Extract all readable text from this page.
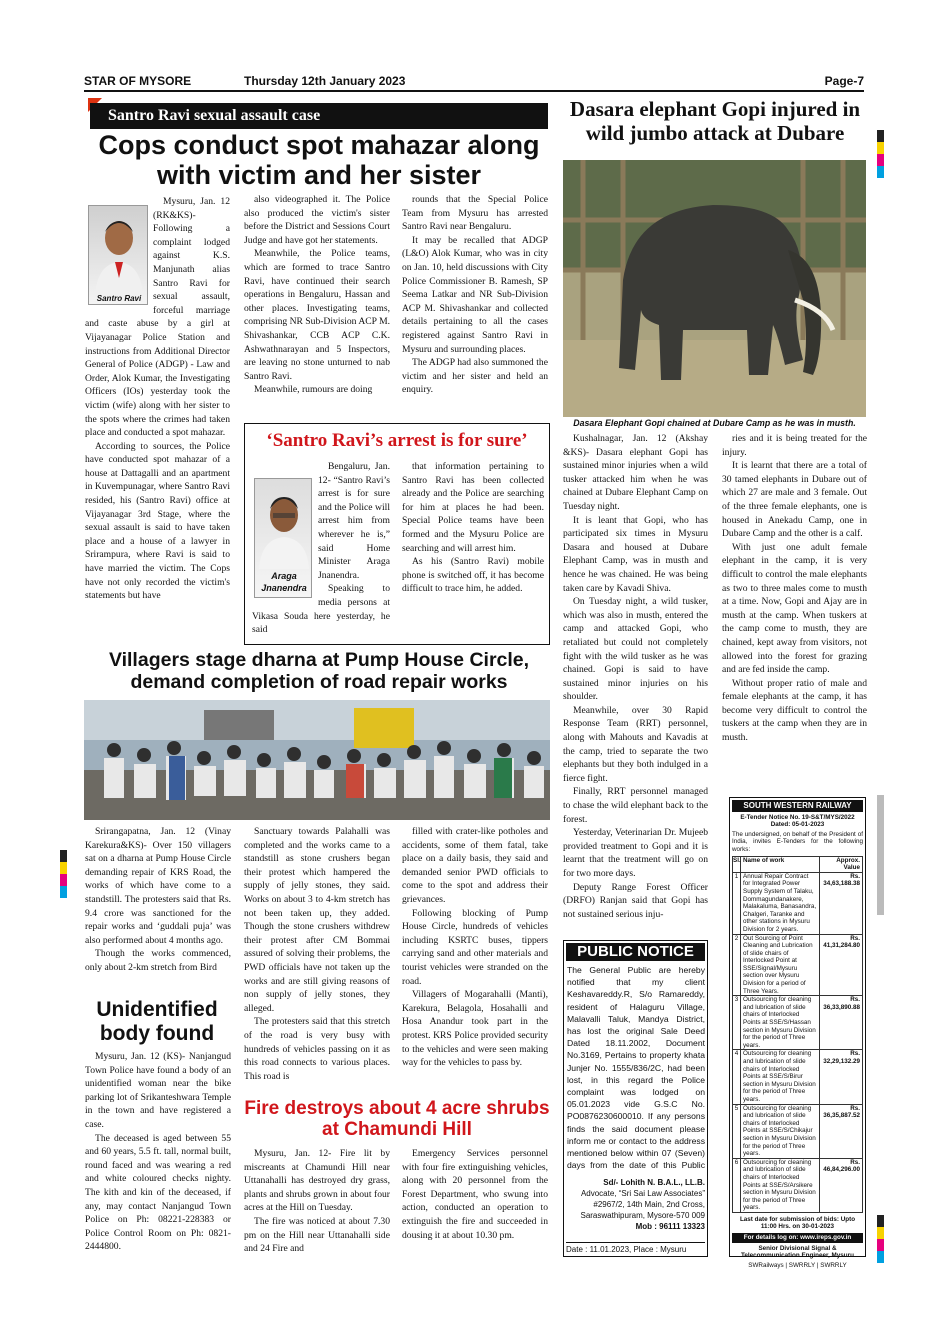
STAR OF MYSORE	Thursday 12th January 2023	Page-7
Santro Ravi sexual assault case
Cops conduct spot mahazar along with victim and her sister
Santro Ravi

Mysuru, Jan. 12 (RK&KS)- Following a complaint lodged against K.S. Manjunath alias Santro Ravi for sexual assault, forceful marriage and caste abuse by a girl at Vijayanagar Police Station and instructions from Additional Director General of Police (ADGP) - Law and Order, Alok Kumar, the Investigating Officers (IOs) yesterday took the victim (wife) along with her sister to the spots where the crimes had taken place and conducted a spot mahazar.

According to sources, the Police have conducted spot mahazar of a house at Dattagalli and an apartment in Kuvempunagar, where Santro Ravi resided, his (Santro Ravi) office at Vijayanagar 3rd Stage, where the sexual assault is said to have taken place and a house of a lawyer in Srirampura, where Ravi is said to have married the victim. The Cops have not only recorded the victim's statements but have

also videographed it. The Police also produced the victim's sister before the District and Sessions Court Judge and have got her statements.

Meanwhile, the Police teams, which are formed to trace Santro Ravi, have continued their search operations in Bengaluru, Hassan and other places. Investigating teams, comprising NR Sub-Division ACP M. Shivashankar, CCB ACP C.K. Ashwathnarayan and 5 Inspectors, are leaving no stone unturned to nab Santro Ravi.

Meanwhile, rumours are doing

rounds that the Special Police Team from Mysuru has arrested Santro Ravi near Bengaluru.

It may be recalled that ADGP (L&O) Alok Kumar, who was in city on Jan. 10, held discussions with City Police Commissioner B. Ramesh, SP Seema Latkar and NR Sub-Division ACP M. Shivashankar and collected details pertaining to all the cases registered against Santro Ravi in Mysuru and surrounding places.

The ADGP had also summoned the victim and her sister and held an enquiry.

‘Santro Ravi’s arrest is for sure’
Araga
Jnanendra

Bengaluru, Jan. 12- “Santro Ravi’s arrest is for sure and the Police will arrest him from wherever he is,” said Home Minister Araga Jnanendra.

Speaking to media persons at Vikasa Souda here yesterday, he said

that information pertaining to Santro Ravi has been collected already and the Police are searching for him at places he had been. Special Police teams have been formed and the Mysuru Police are searching and will arrest him.

As his (Santro Ravi) mobile phone is switched off, it has become difficult to trace him, he added.

Villagers stage dharna at Pump House Circle, demand completion of road repair works

Srirangapatna, Jan. 12 (Vinay Karekura&KS)- Over 150 villagers sat on a dharna at Pump House Circle demanding repair of KRS Road, the works of which have come to a standstill. The protesters said that Rs. 9.4 crore was sanctioned for the repair works and ‘guddali puja’ was also performed about 4 months ago.

Though the works commenced, only about 2-km stretch from Bird

Sanctuary towards Palahalli was completed and the works came to a standstill as stone crushers began their protest which hampered the supply of jelly stones, they said. Works on about 3 to 4-km stretch has not been taken up, they added. Though the stone crushers withdrew their protest after CM Bommai assured of solving their problems, the PWD officials have not taken up the works and are still giving reasons of non supply of jelly stones, they alleged.

The protesters said that this stretch of the road is very busy with hundreds of vehicles passing on it as this road connects to various places. This road is

filled with crater-like potholes and accidents, some of them fatal, take place on a daily basis, they said and demanded senior PWD officials to come to the spot and address their grievances.

Following blocking of Pump House Circle, hundreds of vehicles including KSRTC buses, tippers carrying sand and other materials and tourist vehicles were stranded on the road.

Villagers of Mogarahalli (Manti), Karekura, Belagola, Hosahalli and Hosa Anandur took part in the protest. KRS Police provided security to the vehicles and were seen making way for the vehicles to pass by.

Unidentified body found

Mysuru, Jan. 12 (KS)- Nanjangud Town Police have found a body of an unidentified woman near the bike parking lot of Srikanteshwara Temple in the town and have registered a case.

The deceased is aged between 55 and 60 years, 5.5 ft. tall, normal built, round faced and was wearing a red and white coloured checks nighty. The kith and kin of the deceased, if any, may contact Nanjangud Town Police on Ph: 08221-228383 or Police Control Room on Ph: 0821-2444800.

Fire destroys about 4 acre shrubs at Chamundi Hill

Mysuru, Jan. 12- Fire lit by miscreants at Chamundi Hill near Uttanahalli has destroyed dry grass, plants and shrubs grown in about four acres at the Hill on Tuesday.

The fire was noticed at about 7.30 pm on the Hill near Uttanahalli side and 24 Fire and

Emergency Services personnel with four fire extinguishing vehicles, along with 20 personnel from the Forest Department, who swung into action, conducted an operation to extinguish the fire and succeeded in dousing it at about 10.30 pm.

Dasara elephant Gopi injured in wild jumbo attack at Dubare
Dasara Elephant Gopi chained at Dubare Camp as he was in musth.

Kushalnagar, Jan. 12 (Akshay &KS)- Dasara elephant Gopi has sustained minor injuries when a wild tusker attacked him when he was chained at Dubare Elephant Camp on Tuesday night.

It is leant that Gopi, who has participated six times in Mysuru Dasara and housed at Dubare Elephant Camp, was in musth and hence he was chained. He was being taken care by Kavadi Shiva.

On Tuesday night, a wild tusker, which was also in musth, entered the camp and attacked Gopi, who retaliated but could not completely fight with the wild tusker as he was chained. Gopi is said to have sustained minor injuries on his shoulder.

Meanwhile, over 30 Rapid Response Team (RRT) personnel, along with Mahouts and Kavadis at the camp, tried to separate the two elephants but they both indulged in a fierce fight.

Finally, RRT personnel managed to chase the wild elephant back to the forest.

Yesterday, Veterinarian Dr. Mujeeb provided treatment to Gopi and it is learnt that the treatment will go on for two more days.

Deputy Range Forest Officer (DRFO) Ranjan said that Gopi has not sustained serious inju-

ries and it is being treated for the injury.

It is learnt that there are a total of 30 tamed elephants in Dubare out of which 27 are male and 3 female. Out of the three female elephants, one is housed in Anekadu Camp, one in Dubare Camp and the other is a calf.

With just one adult female elephant in the camp, it is very difficult to control the male elephants as two to three males come to musth at a time. Now, Gopi and Ajay are in musth at the camp. When tuskers at the camp come to musth, they are chained, kept away from visitors, not allowed into the forest for grazing and are fed inside the camp.

Without proper ratio of male and female elephants at the camp, it has become very difficult to control the tuskers at the camp when they are in musth.

PUBLIC NOTICE

The General Public are hereby notified that my client Keshavareddy.R, S/o Ramareddy, resident of Halaguru Village, Malavalli Taluk, Mandya District, has lost the original Sale Deed Dated 18.11.2002, Document No.3169, Pertains to property khata Junjer No. 1555/836/2C, had been lost, in this regard the Police complaint was lodged on 05.01.2023 vide G.S.C No. PO0876230600010. If any persons finds the said document please inform me or contact to the address mentioned below within 07 (Seven) days from the date of this Public

Sd/- Lohith N. B.A.L., LL.B.
Advocate, “Sri Sai Law Associates”
#2967/2, 14th Main, 2nd Cross,
Saraswathipuram, Mysore-570 009
Mob : 96111 13323
Date : 11.01.2023, Place : Mysuru
SOUTH WESTERN RAILWAY
E-Tender Notice No. 19-S&T/MYS/2022
Dated: 05-01-2023
The undersigned, on behalf of the President of India, invites E-Tenders for the following works:
Sl. Name of work	Approx. Value
1 Annual Repair Contract for Integrated Power Supply System of Talaku, Dommagundanakere, Malakaluma, Banasandra, Chalgeri, Taranke and other stations in Mysuru Division for 2 years.
Rs. 34,63,188.38
2 Out Sourcing of Point Cleaning and Lubrication of slide chairs of Interlocked Point at SSE/Signal/Mysuru section over Mysuru Division for a period of Three Years.
Rs. 41,31,284.80
3 Outsourcing for cleaning and lubrication of slide chairs of Interlocked Points at SSE/S/Hassan section in Mysuru Division for the period of Three years.
Rs. 36,33,890.88
4 Outsourcing for cleaning and lubrication of slide chairs of Interlocked Points at SSE/S/Birur section in Mysuru Division for the period of Three years.
Rs. 32,29,132.29
5 Outsourcing for cleaning and lubrication of slide chairs of Interlocked Points at SSE/S/Chikajur section in Mysuru Division for the period of Three years.
Rs. 36,35,887.52
6 Outsourcing for cleaning and lubrication of slide chairs of Interlocked Points at SSE/S/Arsikere section in Mysuru Division for the period of Three years.
Rs. 46,84,296.00
Last date for submission of bids: Upto 11:00 Hrs. on 30-01-2023
For details log on: www.ireps.gov.in
Senior Divisional Signal & Telecommunication Engineer, Mysuru
SWRailways | SWRRLY | SWRRLY
